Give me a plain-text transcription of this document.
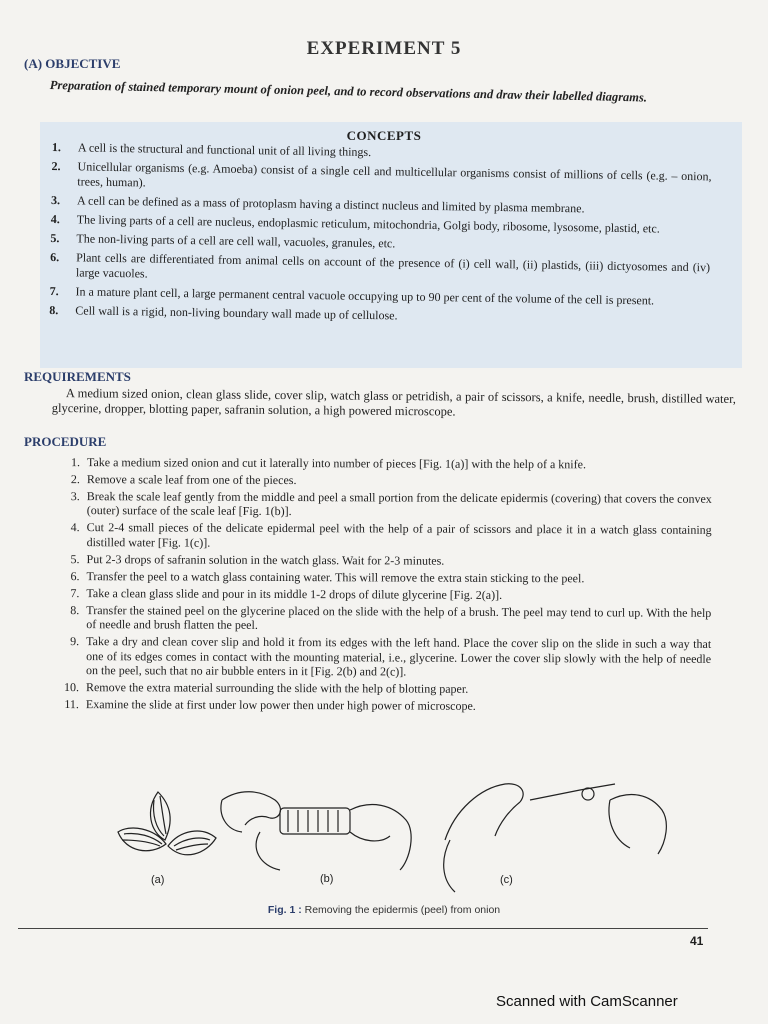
EXPERIMENT 5
(A) OBJECTIVE
Preparation of stained temporary mount of onion peel, and to record observations and draw their labelled diagrams.
CONCEPTS
1.	A cell is the structural and functional unit of all living things.
2.	Unicellular organisms (e.g. Amoeba) consist of a single cell and multicellular organisms consist of millions of cells (e.g. – onion, trees, human).
3.	A cell can be defined as a mass of protoplasm having a distinct nucleus and limited by plasma membrane.
4.	The living parts of a cell are nucleus, endoplasmic reticulum, mitochondria, Golgi body, ribosome, lysosome, plastid, etc.
5.	The non-living parts of a cell are cell wall, vacuoles, granules, etc.
6.	Plant cells are differentiated from animal cells on account of the presence of (i) cell wall, (ii) plastids, (iii) dictyosomes and (iv) large vacuoles.
7.	In a mature plant cell, a large permanent central vacuole occupying up to 90 per cent of the volume of the cell is present.
8.	Cell wall is a rigid, non-living boundary wall made up of cellulose.
REQUIREMENTS
A medium sized onion, clean glass slide, cover slip, watch glass or petridish, a pair of scissors, a knife, needle, brush, distilled water, glycerine, dropper, blotting paper, safranin solution, a high powered microscope.
PROCEDURE
1. Take a medium sized onion and cut it laterally into number of pieces [Fig. 1(a)] with the help of a knife.
2. Remove a scale leaf from one of the pieces.
3. Break the scale leaf gently from the middle and peel a small portion from the delicate epidermis (covering) that covers the convex (outer) surface of the scale leaf [Fig. 1(b)].
4. Cut 2-4 small pieces of the delicate epidermal peel with the help of a pair of scissors and place it in a watch glass containing distilled water [Fig. 1(c)].
5. Put 2-3 drops of safranin solution in the watch glass. Wait for 2-3 minutes.
6. Transfer the peel to a watch glass containing water. This will remove the extra stain sticking to the peel.
7. Take a clean glass slide and pour in its middle 1-2 drops of dilute glycerine [Fig. 2(a)].
8. Transfer the stained peel on the glycerine placed on the slide with the help of a brush. The peel may tend to curl up. With the help of needle and brush flatten the peel.
9. Take a dry and clean cover slip and hold it from its edges with the left hand. Place the cover slip on the slide in such a way that one of its edges comes in contact with the mounting material, i.e., glycerine. Lower the cover slip slowly with the help of needle on the peel, such that no air bubble enters in it [Fig. 2(b) and 2(c)].
10. Remove the extra material surrounding the slide with the help of blotting paper.
11. Examine the slide at first under low power then under high power of microscope.
(a)	(b)	(c)
Fig. 1 : Removing the epidermis (peel) from onion
41
Scanned with CamScanner
